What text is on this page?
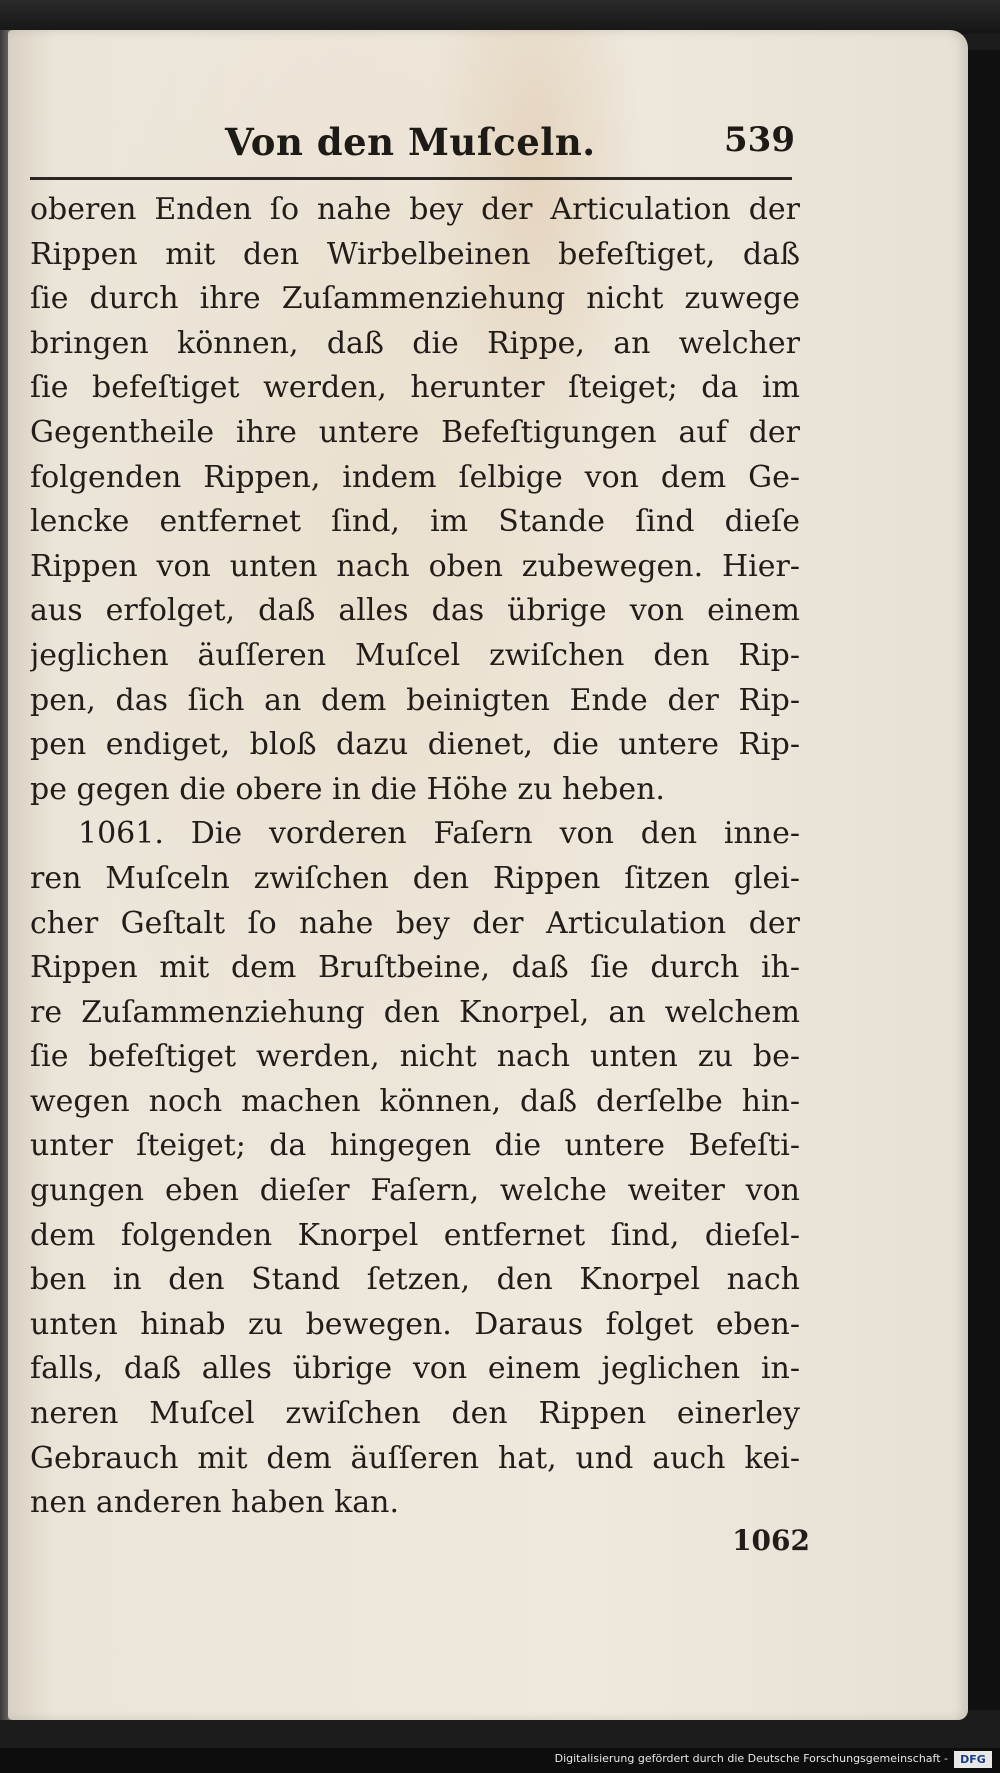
Von den Muſceln.	539
oberen Enden ſo nahe bey der Articulation der
Rippen mit den Wirbelbeinen befeſtiget, daß
ſie durch ihre Zuſammenziehung nicht zuwege
bringen können, daß die Rippe, an welcher
ſie befeſtiget werden, herunter ſteiget; da im
Gegentheile ihre untere Befeſtigungen auf der
folgenden Rippen, indem ſelbige von dem Ge-
lencke entfernet ſind, im Stande ſind dieſe
Rippen von unten nach oben zubewegen. Hier-
aus erfolget, daß alles das übrige von einem
jeglichen äuſſeren Muſcel zwiſchen den Rip-
pen, das ſich an dem beinigten Ende der Rip-
pen endiget, bloß dazu dienet, die untere Rip-
pe gegen die obere in die Höhe zu heben.
1061. Die vorderen Faſern von den inne-
ren Muſceln zwiſchen den Rippen ſitzen glei-
cher Geſtalt ſo nahe bey der Articulation der
Rippen mit dem Bruſtbeine, daß ſie durch ih-
re Zuſammenziehung den Knorpel, an welchem
ſie befeſtiget werden, nicht nach unten zu be-
wegen noch machen können, daß derſelbe hin-
unter ſteiget; da hingegen die untere Befeſti-
gungen eben dieſer Faſern, welche weiter von
dem folgenden Knorpel entfernet ſind, dieſel-
ben in den Stand ſetzen, den Knorpel nach
unten hinab zu bewegen. Daraus folget eben-
falls, daß alles übrige von einem jeglichen in-
neren Muſcel zwiſchen den Rippen einerley
Gebrauch mit dem äuſſeren hat, und auch kei-
nen anderen haben kan.
1062
Digitalisierung gefördert durch die Deutsche Forschungsgemeinschaft -	DFG
